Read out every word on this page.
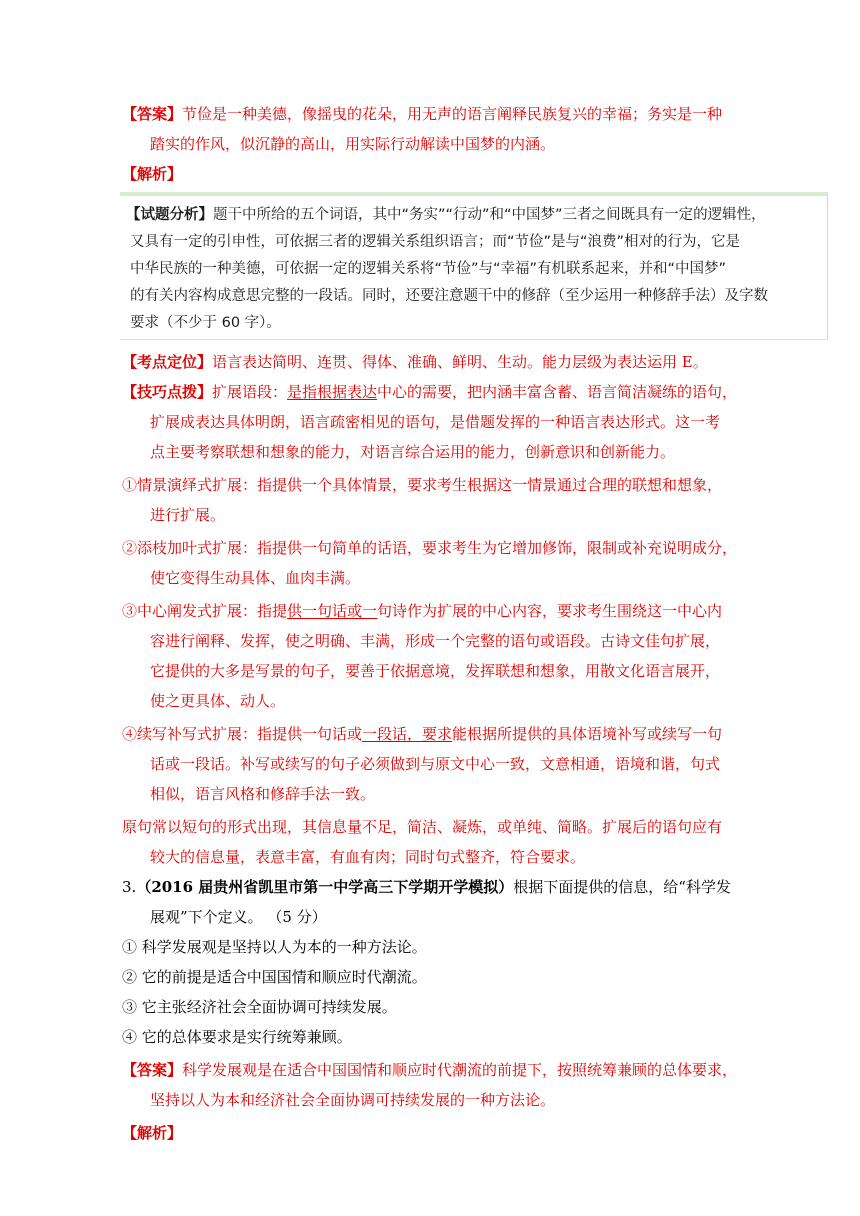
【答案】节俭是一种美德，像摇曳的花朵，用无声的语言阐释民族复兴的幸福；务实是一种
踏实的作风，似沉静的高山，用实际行动解读中国梦的内涵。
【解析】
【试题分析】题干中所给的五个词语，其中“务实”“行动”和“中国梦”三者之间既具有一定的逻辑性，
又具有一定的引申性，可依据三者的逻辑关系组织语言；而“节俭”是与“浪费”相对的行为，它是
中华民族的一种美德，可依据一定的逻辑关系将“节俭”与“幸福”有机联系起来，并和“中国梦”
的有关内容构成意思完整的一段话。同时，还要注意题干中的修辞（至少运用一种修辞手法）及字数
要求（不少于 60 字）。
【考点定位】语言表达简明、连贯、得体、准确、鲜明、生动。能力层级为表达运用 E。
【技巧点拨】扩展语段：是指根据表达中心的需要，把内涵丰富含蓄、语言简洁凝练的语句，
扩展成表达具体明朗，语言疏密相见的语句，是借题发挥的一种语言表达形式。这一考
点主要考察联想和想象的能力，对语言综合运用的能力，创新意识和创新能力。
①情景演绎式扩展：指提供一个具体情景，要求考生根据这一情景通过合理的联想和想象，
进行扩展。
②添枝加叶式扩展：指提供一句简单的话语，要求考生为它增加修饰，限制或补充说明成分，
使它变得生动具体、血肉丰满。
③中心阐发式扩展：指提供一句话或一句诗作为扩展的中心内容，要求考生围绕这一中心内
容进行阐释、发挥，使之明确、丰满，形成一个完整的语句或语段。古诗文佳句扩展，
它提供的大多是写景的句子，要善于依据意境，发挥联想和想象，用散文化语言展开，
使之更具体、动人。
④续写补写式扩展：指提供一句话或一段话，要求能根据所提供的具体语境补写或续写一句
话或一段话。补写或续写的句子必须做到与原文中心一致，文意相通，语境和谐，句式
相似，语言风格和修辞手法一致。
原句常以短句的形式出现，其信息量不足，简洁、凝炼，或单纯、简略。扩展后的语句应有
较大的信息量，表意丰富，有血有肉；同时句式整齐，符合要求。
3.（2016 届贵州省凯里市第一中学高三下学期开学模拟）根据下面提供的信息，给“科学发
展观”下个定义。 （5 分）
① 科学发展观是坚持以人为本的一种方法论。
② 它的前提是适合中国国情和顺应时代潮流。
③ 它主张经济社会全面协调可持续发展。
④ 它的总体要求是实行统筹兼顾。
【答案】科学发展观是在适合中国国情和顺应时代潮流的前提下，按照统筹兼顾的总体要求，
坚持以人为本和经济社会全面协调可持续发展的一种方法论。
【解析】
